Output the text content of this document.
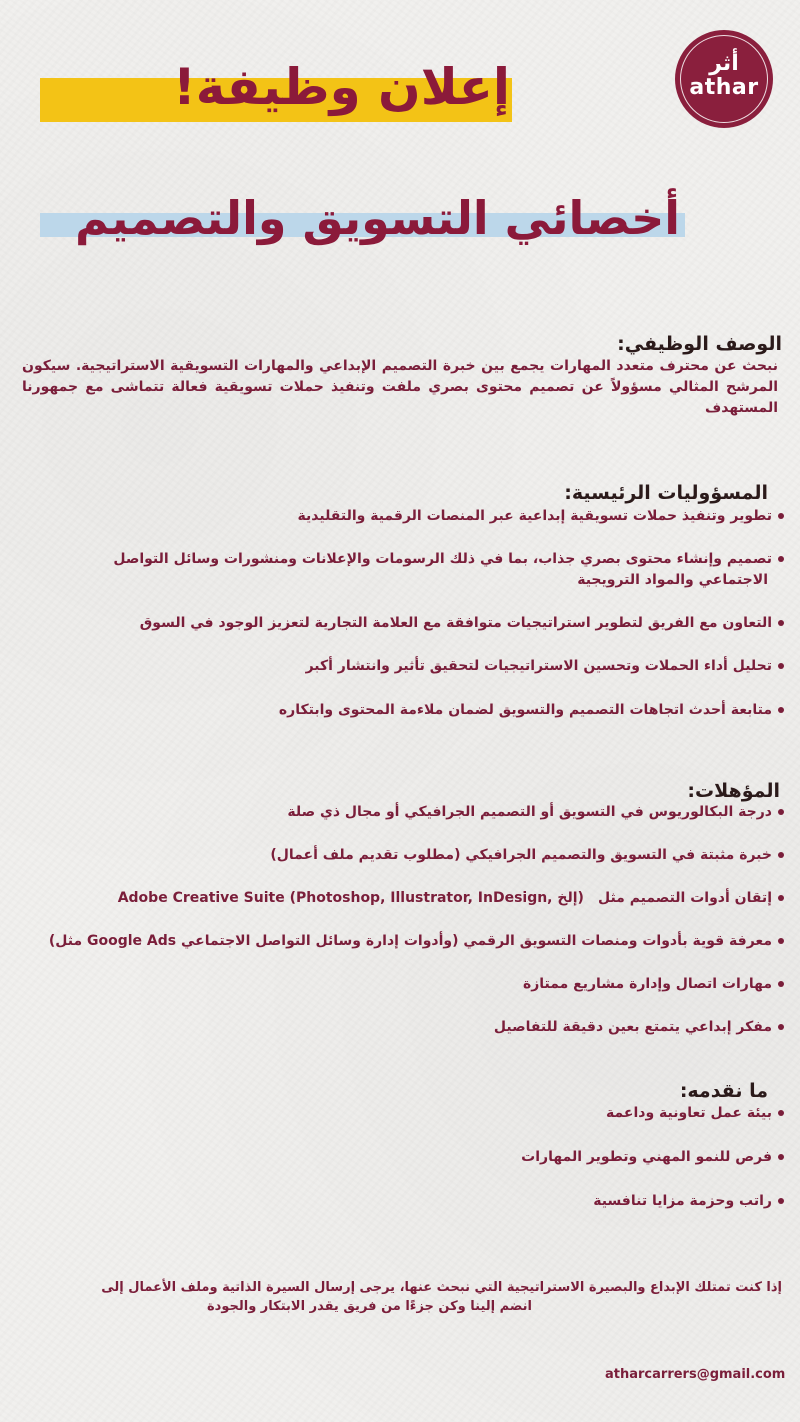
أثر
athar
إعلان وظيفة!
أخصائي التسويق والتصميم
الوصف الوظيفي:
نبحث عن محترف متعدد المهارات يجمع بين خبرة التصميم الإبداعي والمهارات التسويقية الاستراتيجية. سيكون المرشح المثالي مسؤولاً عن تصميم محتوى بصري ملفت وتنفيذ حملات تسويقية فعالة تتماشى مع جمهورنا المستهدف
المسؤوليات الرئيسية:
تطوير وتنفيذ حملات تسويقية إبداعية عبر المنصات الرقمية والتقليدية
تصميم وإنشاء محتوى بصري جذاب، بما في ذلك الرسومات والإعلانات ومنشورات وسائل التواصل
الاجتماعي والمواد الترويجية
التعاون مع الفريق لتطوير استراتيجيات متوافقة مع العلامة التجارية لتعزيز الوجود في السوق
تحليل أداء الحملات وتحسين الاستراتيجيات لتحقيق تأثير وانتشار أكبر
متابعة أحدث اتجاهات التصميم والتسويق لضمان ملاءمة المحتوى وابتكاره
المؤهلات:
درجة البكالوريوس في التسويق أو التصميم الجرافيكي أو مجال ذي صلة
خبرة مثبتة في التسويق والتصميم الجرافيكي (مطلوب تقديم ملف أعمال)
إتقان أدوات التصميم مثلAdobe Creative Suite (Photoshop, Illustrator, InDesign, إلخ)
معرفة قوية بأدوات ومنصات التسويق الرقمي (وأدوات إدارة وسائل التواصل الاجتماعي Google Ads مثل)
مهارات اتصال وإدارة مشاريع ممتازة
مفكر إبداعي يتمتع بعين دقيقة للتفاصيل
ما نقدمه:
بيئة عمل تعاونية وداعمة
فرص للنمو المهني وتطوير المهارات
راتب وحزمة مزايا تنافسية
إذا كنت تمتلك الإبداع والبصيرة الاستراتيجية التي نبحث عنها، يرجى إرسال السيرة الذاتية وملف الأعمال إلى
انضم إلينا وكن جزءًا من فريق يقدر الابتكار والجودة
atharcarrers@gmail.com
